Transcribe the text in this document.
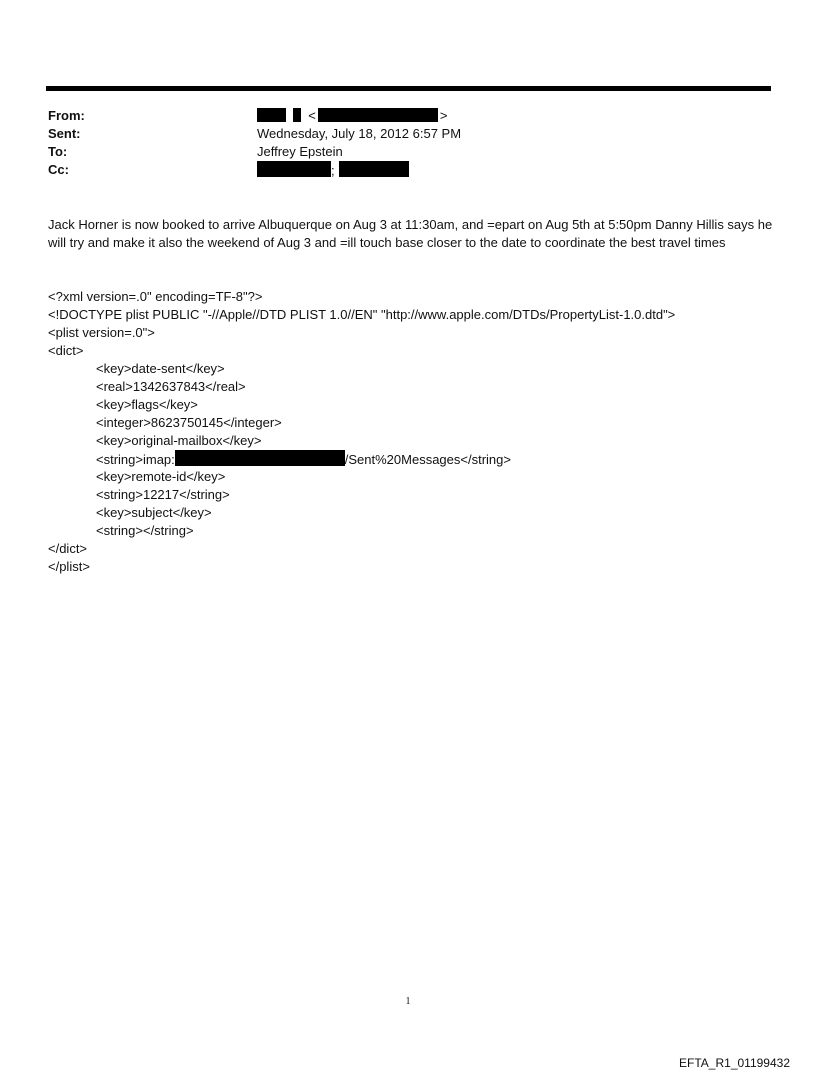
From:	<	>
Sent:	Wednesday, July 18, 2012 6:57 PM
To:	Jeffrey Epstein
Cc:	;
Jack Horner is now booked to arrive Albuquerque on Aug 3 at 11:30am, and =epart on Aug 5th at 5:50pm Danny Hillis says he will try and make it also the weekend of Aug 3 and =ill touch base closer to the date to coordinate the best travel times
<?xml version=.0" encoding=TF-8"?>
<!DOCTYPE plist PUBLIC "-//Apple//DTD PLIST 1.0//EN" "http://www.apple.com/DTDs/PropertyList-1.0.dtd">
<plist version=.0">
<dict>
<key>date-sent</key>
<real>1342637843</real>
<key>flags</key>
<integer>8623750145</integer>
<key>original-mailbox</key>
<string>imap:	/Sent%20Messages</string>
<key>remote-id</key>
<string>12217</string>
<key>subject</key>
<string></string>
</dict>
</plist>
1
EFTA_R1_01199432
